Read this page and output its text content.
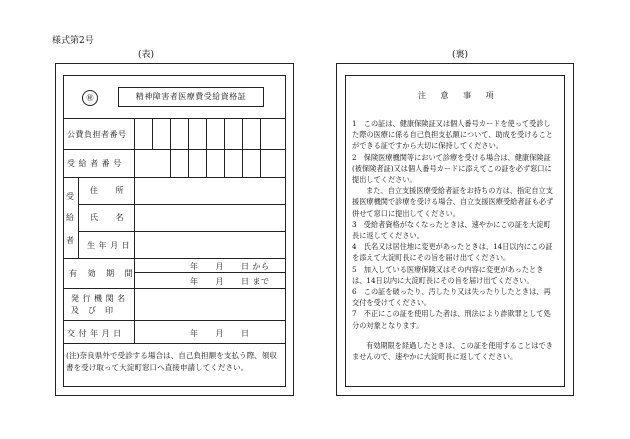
様式第2号
(表)	(裏)
㊙	精神障害者医療費受給資格証
公費負担者番号
受 給 者 番 号
受
給
者
住　　所
氏　　名
生 年 月 日
有 効 期 間
年　　月　　日 から
年　　月　　日 まで
発 行 機 関 名
及　び　印
交 付 年 月 日	年　　月　　日
(注)奈良県外で受診する場合は、自己負担額を支払う際、領収書を受け取って大淀町窓口へ直接申請してください。
注 意 事 項

1　この証は、健康保険証又は個人番号カードを使って受診した際の医療に係る自己負担支払額について、助成を受けることができる証ですから大切に保持してください。

2　保険医療機関等において診療を受ける場合は、健康保険証(被保険者証)又は個人番号カードに添えてこの証を必ず窓口に提出してください。

また、自立支援医療受給者証をお持ちの方は、指定自立支援医療機関で診療を受ける場合、自立支援医療受給者証も必ず併せて窓口に提出してください。

3　受給者資格がなくなったときは、速やかにこの証を大淀町長に返してください。

4　氏名又は居住地に変更があったときは、14日以内にこの証を添えて大淀町長にその旨を届け出てください。

5　加入している医療保険又はその内容に変更があったときは、14日以内に大淀町長にその旨を届け出てください。

6　この証を破ったり、汚したり又は失ったりしたときは、再交付を受けてください。

7　不正にこの証を使用した者は、刑法により詐欺罪として処分の対象となります。

有効期限を経過したときは、この証を使用することはできませんので、速やかに大淀町長に返してください。
